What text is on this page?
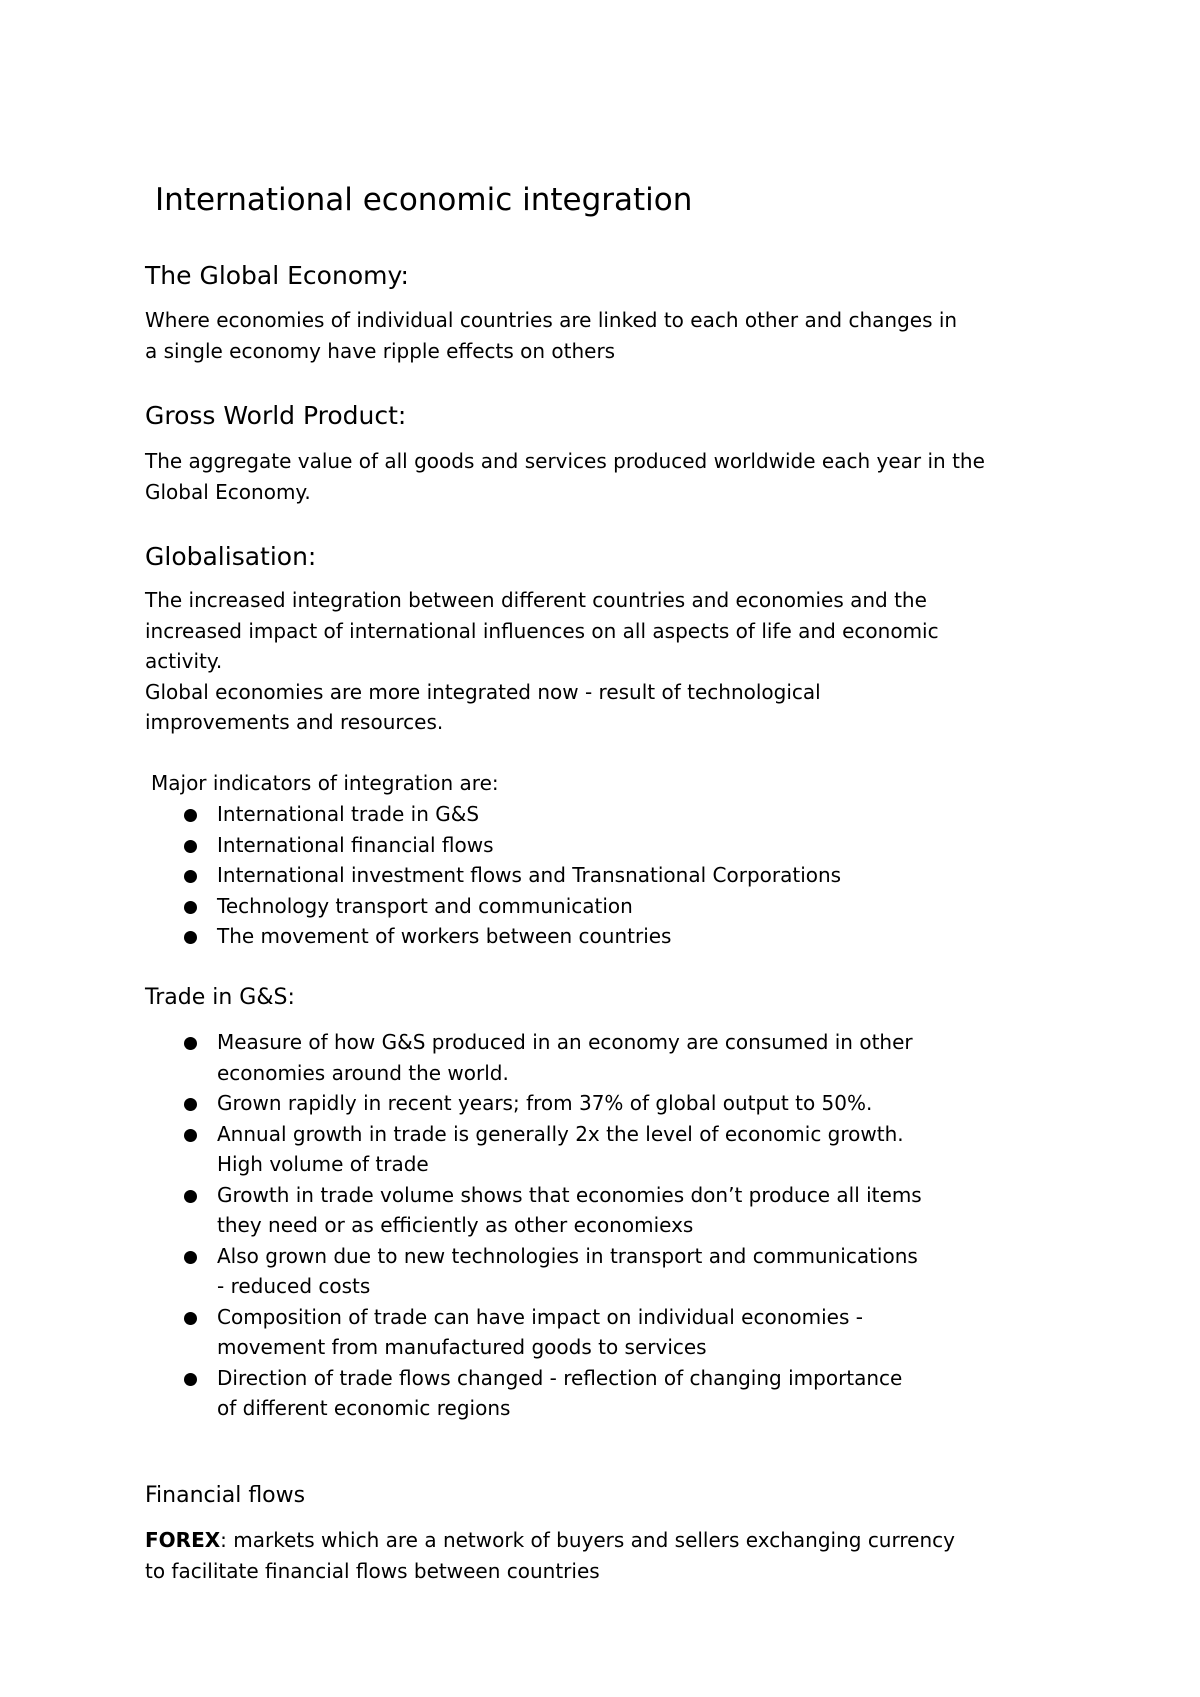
International economic integration
The Global Economy:

Where economies of individual countries are linked to each other and changes in
a single economy have ripple effects on others

Gross World Product:

The aggregate value of all goods and services produced worldwide each year in the
Global Economy.

Globalisation:

The increased integration between different countries and economies and the
increased impact of international influences on all aspects of life and economic
activity.
Global economies are more integrated now - result of technological
improvements and resources.

Major indicators of integration are:

International trade in G&S
International financial flows
International investment flows and Transnational Corporations
Technology transport and communication
The movement of workers between countries
Trade in G&S:
Measure of how G&S produced in an economy are consumed in other
economies around the world.
Grown rapidly in recent years; from 37% of global output to 50%.
Annual growth in trade is generally 2x the level of economic growth.
High volume of trade
Growth in trade volume shows that economies don’t produce all items
they need or as efficiently as other economiexs
Also grown due to new technologies in transport and communications
- reduced costs
Composition of trade can have impact on individual economies -
movement from manufactured goods to services
Direction of trade flows changed - reflection of changing importance
of different economic regions
Financial flows

FOREX: markets which are a network of buyers and sellers exchanging currency
to facilitate financial flows between countries
